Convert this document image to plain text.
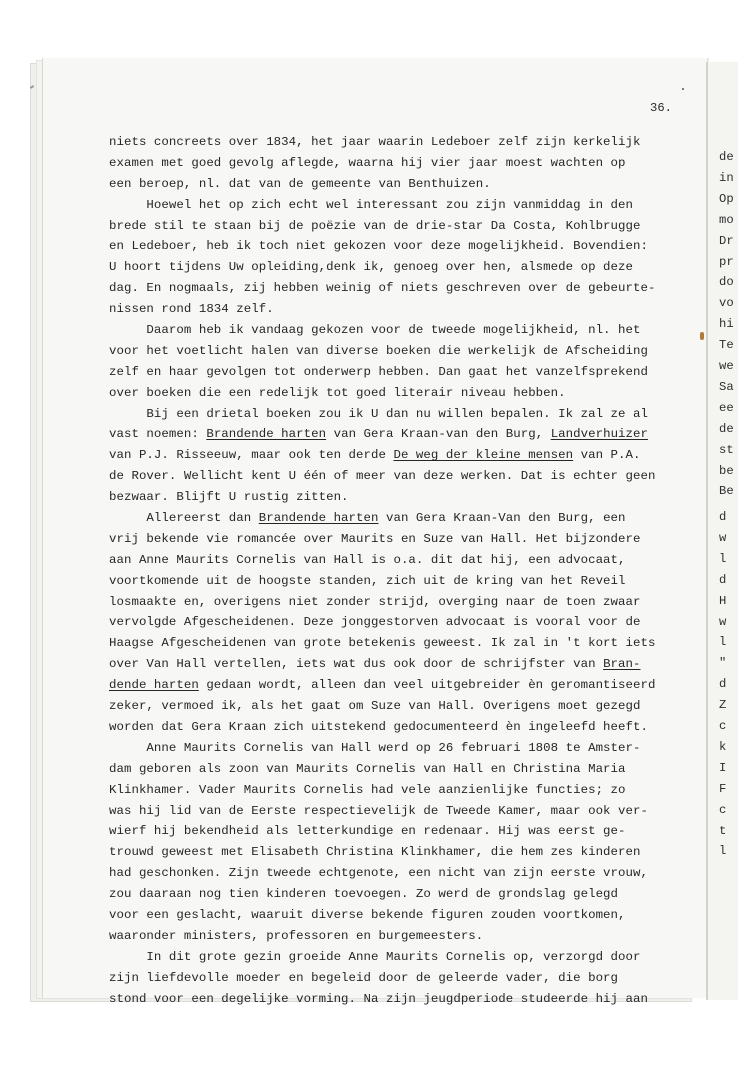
36.
niets concreets over 1834, het jaar waarin Ledeboer zelf zijn kerkelijk
examen met goed gevolg aflegde, waarna hij vier jaar moest wachten op
een beroep, nl. dat van de gemeente van Benthuizen.
Hoewel het op zich echt wel interessant zou zijn vanmiddag in den
brede stil te staan bij de poëzie van de drie-star Da Costa, Kohlbrugge
en Ledeboer, heb ik toch niet gekozen voor deze mogelijkheid. Bovendien:
U hoort tijdens Uw opleiding,denk ik, genoeg over hen, alsmede op deze
dag. En nogmaals, zij hebben weinig of niets geschreven over de gebeurte-
nissen rond 1834 zelf.
Daarom heb ik vandaag gekozen voor de tweede mogelijkheid, nl. het
voor het voetlicht halen van diverse boeken die werkelijk de Afscheiding
zelf en haar gevolgen tot onderwerp hebben. Dan gaat het vanzelfsprekend
over boeken die een redelijk tot goed literair niveau hebben.
Bij een drietal boeken zou ik U dan nu willen bepalen. Ik zal ze al
vast noemen: Brandende harten van Gera Kraan-van den Burg, Landverhuizer
van P.J. Risseeuw, maar ook ten derde De weg der kleine mensen van P.A.
de Rover. Wellicht kent U één of meer van deze werken. Dat is echter geen
bezwaar. Blijft U rustig zitten.
Allereerst dan Brandende harten van Gera Kraan-Van den Burg, een
vrij bekende vie romancée over Maurits en Suze van Hall. Het bijzondere
aan Anne Maurits Cornelis van Hall is o.a. dit dat hij, een advocaat,
voortkomende uit de hoogste standen, zich uit de kring van het Reveil
losmaakte en, overigens niet zonder strijd, overging naar de toen zwaar
vervolgde Afgescheidenen. Deze jonggestorven advocaat is vooral voor de
Haagse Afgescheidenen van grote betekenis geweest. Ik zal in 't kort iets
over Van Hall vertellen, iets wat dus ook door de schrijfster van Bran-
dende harten gedaan wordt, alleen dan veel uitgebreider èn geromantiseerd
zeker, vermoed ik, als het gaat om Suze van Hall. Overigens moet gezegd
worden dat Gera Kraan zich uitstekend gedocumenteerd èn ingeleefd heeft.
Anne Maurits Cornelis van Hall werd op 26 februari 1808 te Amster-
dam geboren als zoon van Maurits Cornelis van Hall en Christina Maria
Klinkhamer. Vader Maurits Cornelis had vele aanzienlijke functies; zo
was hij lid van de Eerste respectievelijk de Tweede Kamer, maar ook ver-
wierf hij bekendheid als letterkundige en redenaar. Hij was eerst ge-
trouwd geweest met Elisabeth Christina Klinkhamer, die hem zes kinderen
had geschonken. Zijn tweede echtgenote, een nicht van zijn eerste vrouw,
zou daaraan nog tien kinderen toevoegen. Zo werd de grondslag gelegd
voor een geslacht, waaruit diverse bekende figuren zouden voortkomen,
waaronder ministers, professoren en burgemeesters.
In dit grote gezin groeide Anne Maurits Cornelis op, verzorgd door
zijn liefdevolle moeder en begeleid door de geleerde vader, die borg
stond voor een degelijke vorming. Na zijn jeugdperiode studeerde hij aan
de
in
Op
mo
Dr
pr
do
vo
hi
Te
we
Sa
ee
de
st
be
Be
d
w
l
d
H
w
l
"
d
Z
c
k
I
F
c
t
l
